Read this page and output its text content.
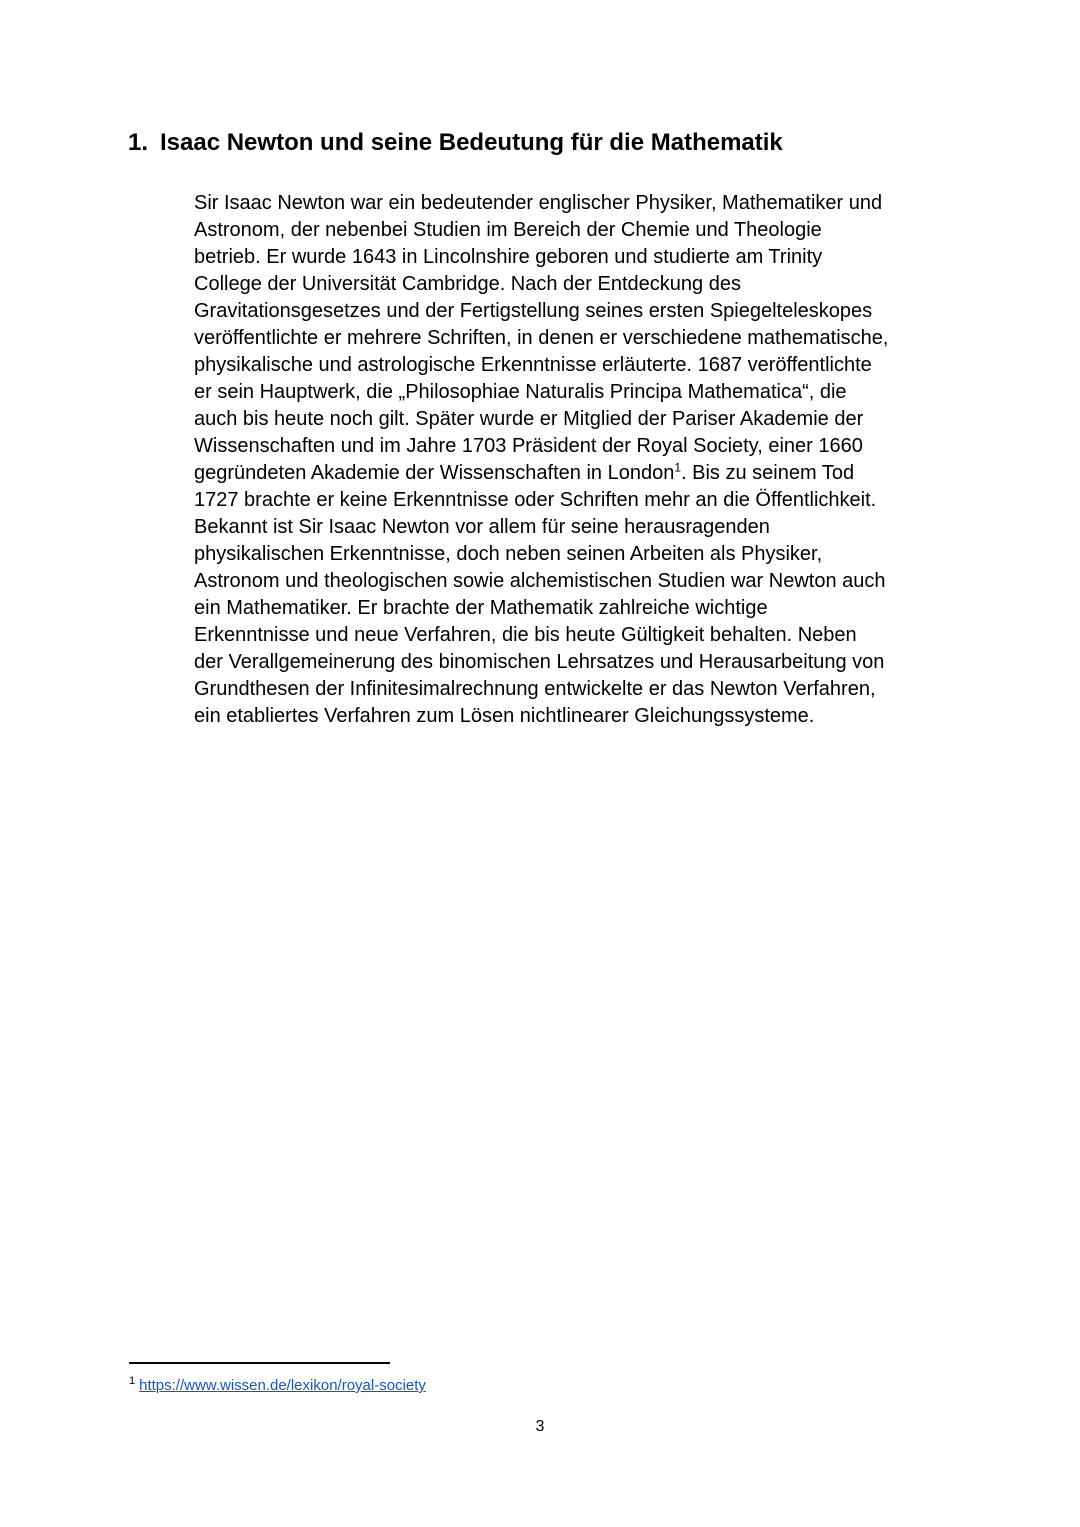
1. Isaac Newton und seine Bedeutung für die Mathematik
Sir Isaac Newton war ein bedeutender englischer Physiker, Mathematiker und
Astronom, der nebenbei Studien im Bereich der Chemie und Theologie
betrieb. Er wurde 1643 in Lincolnshire geboren und studierte am Trinity
College der Universität Cambridge. Nach der Entdeckung des
Gravitationsgesetzes und der Fertigstellung seines ersten Spiegelteleskopes
veröffentlichte er mehrere Schriften, in denen er verschiedene mathematische,
physikalische und astrologische Erkenntnisse erläuterte. 1687 veröffentlichte
er sein Hauptwerk, die „Philosophiae Naturalis Principa Mathematica“, die
auch bis heute noch gilt. Später wurde er Mitglied der Pariser Akademie der
Wissenschaften und im Jahre 1703 Präsident der Royal Society, einer 1660
gegründeten Akademie der Wissenschaften in London$^1$. Bis zu seinem Tod
1727 brachte er keine Erkenntnisse oder Schriften mehr an die Öffentlichkeit.
Bekannt ist Sir Isaac Newton vor allem für seine herausragenden
physikalischen Erkenntnisse, doch neben seinen Arbeiten als Physiker,
Astronom und theologischen sowie alchemistischen Studien war Newton auch
ein Mathematiker. Er brachte der Mathematik zahlreiche wichtige
Erkenntnisse und neue Verfahren, die bis heute Gültigkeit behalten. Neben
der Verallgemeinerung des binomischen Lehrsatzes und Herausarbeitung von
Grundthesen der Infinitesimalrechnung entwickelte er das Newton Verfahren,
ein etabliertes Verfahren zum Lösen nichtlinearer Gleichungssysteme.
$^1$ https://www.wissen.de/lexikon/royal-society
3
